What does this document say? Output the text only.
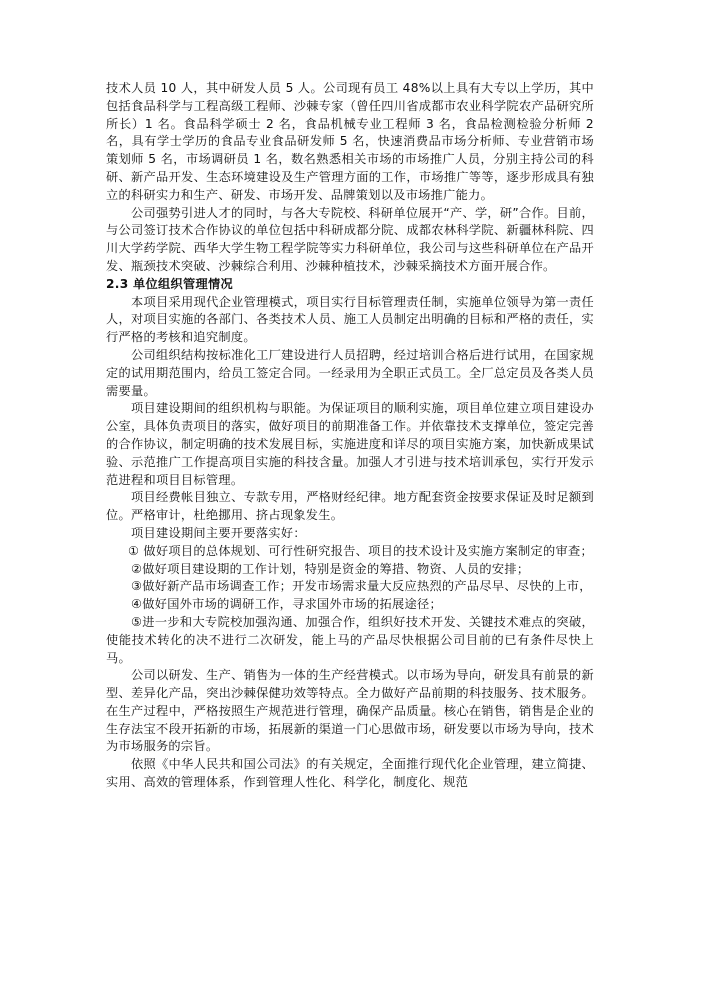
技术人员 10 人，其中研发人员 5 人。公司现有员工 48%以上具有大专以上学历，其中包括食品科学与工程高级工程师、沙棘专家（曾任四川省成都市农业科学院农产品研究所所长）1 名。食品科学硕士 2 名，食品机械专业工程师 3 名，食品检测检验分析师 2 名，具有学士学历的食品专业食品研发师 5 名，快速消费品市场分析师、专业营销市场策划师 5 名，市场调研员 1 名，数名熟悉相关市场的市场推广人员，分别主持公司的科研、新产品开发、生态环境建设及生产管理方面的工作，市场推广等等，逐步形成具有独立的科研实力和生产、研发、市场开发、品牌策划以及市场推广能力。

公司强势引进人才的同时，与各大专院校、科研单位展开“产、学，研”合作。目前，与公司签订技术合作协议的单位包括中科研成都分院、成都农林科学院、新疆林科院、四川大学药学院、西华大学生物工程学院等实力科研单位，我公司与这些科研单位在产品开发、瓶颈技术突破、沙棘综合利用、沙棘种植技术，沙棘采摘技术方面开展合作。

2.3 单位组织管理情况

本项目采用现代企业管理模式，项目实行目标管理责任制，实施单位领导为第一责任人，对项目实施的各部门、各类技术人员、施工人员制定出明确的目标和严格的责任，实行严格的考核和追究制度。

公司组织结构按标准化工厂建设进行人员招聘，经过培训合格后进行试用，在国家规定的试用期范围内，给员工签定合同。一经录用为全职正式员工。全厂总定员及各类人员需要量。

项目建设期间的组织机构与职能。为保证项目的顺利实施，项目单位建立项目建设办公室，具体负责项目的落实，做好项目的前期准备工作。并依靠技术支撑单位，签定完善的合作协议，制定明确的技术发展目标，实施进度和详尽的项目实施方案，加快新成果试验、示范推广工作提高项目实施的科技含量。加强人才引进与技术培训承包，实行开发示范进程和项目目标管理。

项目经费帐目独立、专款专用，严格财经纪律。地方配套资金按要求保证及时足额到位。严格审计，杜绝挪用、挤占现象发生。

项目建设期间主要开要落实好：

① 做好项目的总体规划、可行性研究报告、项目的技术设计及实施方案制定的审查；

②做好项目建设期的工作计划，特别是资金的筹措、物资、人员的安排；

③做好新产品市场调查工作；开发市场需求量大反应热烈的产品尽早、尽快的上市，

④做好国外市场的调研工作，寻求国外市场的拓展途径；

⑤进一步和大专院校加强沟通、加强合作，组织好技术开发、关键技术难点的突破，使能技术转化的决不进行二次研发，能上马的产品尽快根据公司目前的已有条件尽快上马。

公司以研发、生产、销售为一体的生产经营模式。以市场为导向，研发具有前景的新型、差异化产品，突出沙棘保健功效等特点。全力做好产品前期的科技服务、技术服务。在生产过程中，严格按照生产规范进行管理，确保产品质量。核心在销售，销售是企业的生存法宝不段开拓新的市场，拓展新的渠道一门心思做市场，研发要以市场为导向，技术为市场服务的宗旨。

依照《中华人民共和国公司法》的有关规定，全面推行现代化企业管理，建立简捷、实用、高效的管理体系，作到管理人性化、科学化，制度化、规范
